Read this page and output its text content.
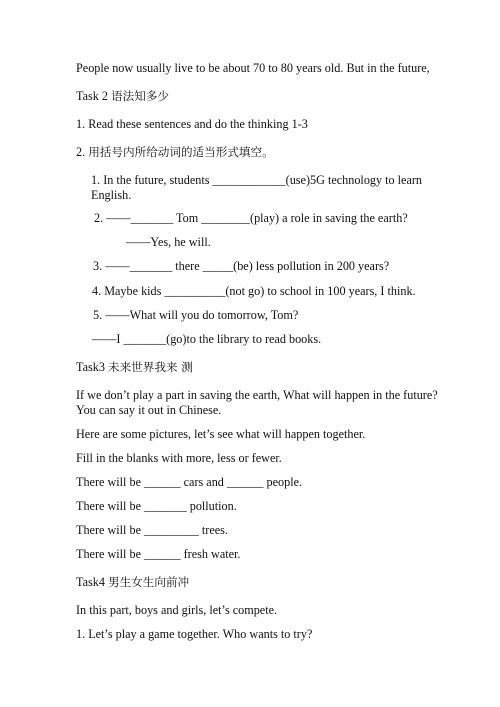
People now usually live to be about 70 to 80 years old. But in the future,
Task 2 语法知多少
1. Read these sentences and do the thinking 1-3
2. 用括号内所给动词的适当形式填空。
1. In the future, students ____________(use)5G technology to learn
English.
2. ——_______ Tom ________(play) a role in saving the earth?
——Yes, he will.
3. ——_______ there _____(be) less pollution in 200 years?
4. Maybe kids __________(not go) to school in 100 years, I think.
5. ——What will you do tomorrow, Tom?
——I _______(go)to the library to read books.
Task3 未来世界我来 测
If we don’t play a part in saving the earth, What will happen in the future?
You can say it out in Chinese.
Here are some pictures, let’s see what will happen together.
Fill in the blanks with more, less or fewer.
There will be ______ cars and ______ people.
There will be _______ pollution.
There will be _________ trees.
There will be ______ fresh water.
Task4 男生女生向前冲
In this part, boys and girls, let’s compete.
1. Let’s play a game together. Who wants to try?
